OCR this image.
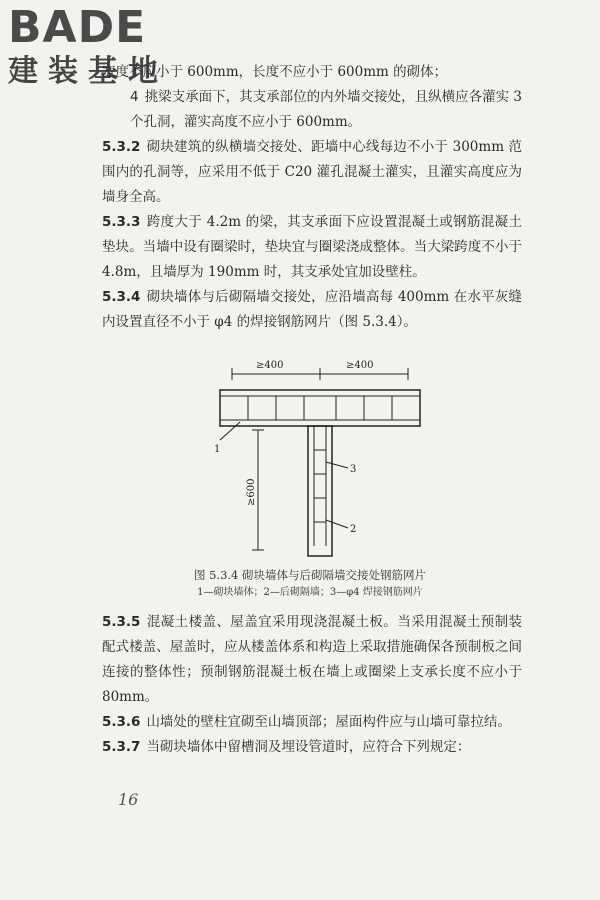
BADE
建装基地

宽度不应小于 600mm，长度不应小于 600mm 的砌体；

4 挑梁支承面下，其支承部位的内外墙交接处，且纵横应各灌实 3 个孔洞，灌实高度不应小于 600mm。

5.3.2 砌块建筑的纵横墙交接处、距墙中心线每边不小于 300mm 范围内的孔洞等，应采用不低于 C20 灌孔混凝土灌实，且灌实高度应为墙身全高。

5.3.3 跨度大于 4.2m 的梁，其支承面下应设置混凝土或钢筋混凝土垫块。当墙中设有圈梁时，垫块宜与圈梁浇成整体。当大梁跨度不小于 4.8m，且墙厚为 190mm 时，其支承处宜加设壁柱。

5.3.4 砌块墙体与后砌隔墙交接处，应沿墙高每 400mm 在水平灰缝内设置直径不小于 φ4 的焊接钢筋网片（图 5.3.4）。

≥400	≥400
≥600
1
3
2
图 5.3.4 砌块墙体与后砌隔墙交接处钢筋网片
1—砌块墙体；2—后砌隔墙；3—φ4 焊接钢筋网片

5.3.5 混凝土楼盖、屋盖宜采用现浇混凝土板。当采用混凝土预制装配式楼盖、屋盖时，应从楼盖体系和构造上采取措施确保各预制板之间连接的整体性；预制钢筋混凝土板在墙上或圈梁上支承长度不应小于 80mm。

5.3.6 山墙处的壁柱宜砌至山墙顶部；屋面构件应与山墙可靠拉结。

5.3.7 当砌块墙体中留槽洞及埋设管道时，应符合下列规定：

16
